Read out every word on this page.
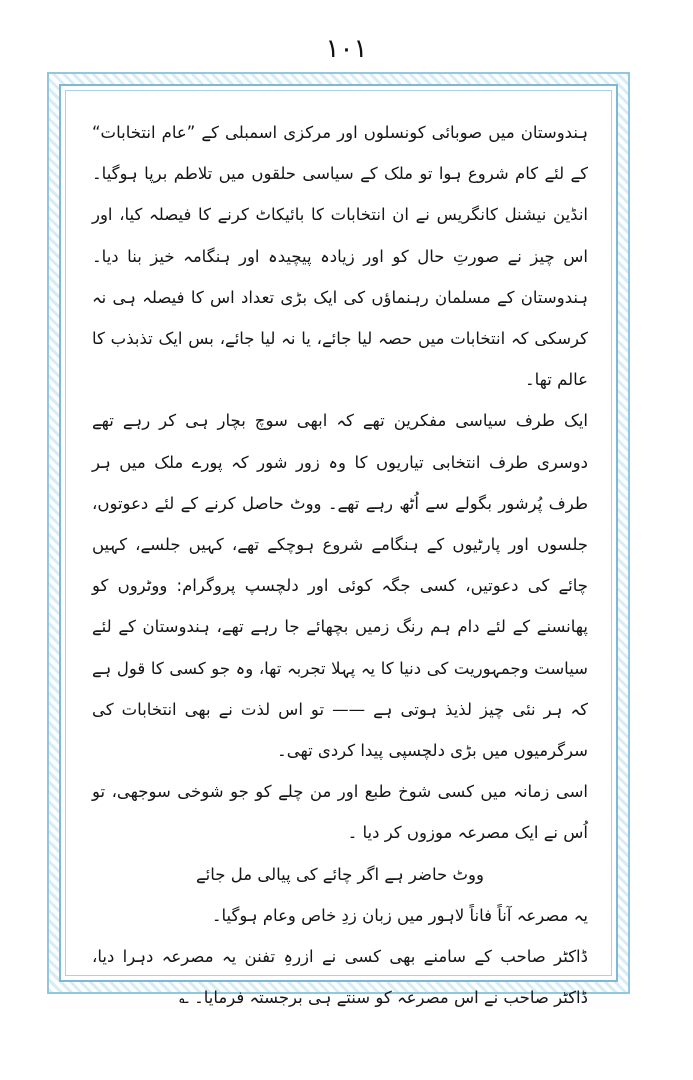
۱۰۱

ہندوستان میں صوبائی کونسلوں اور مرکزی اسمبلی کے ”عام انتخابات“ کے لئے کام شروع ہوا تو ملک کے سیاسی حلقوں میں تلاطم برپا ہوگیا۔ انڈین نیشنل کانگریس نے ان انتخابات کا بائیکاٹ کرنے کا فیصلہ کیا، اور اس چیز نے صورتِ حال کو اور زیادہ پیچیدہ اور ہنگامہ خیز بنا دیا۔ ہندوستان کے مسلمان رہنماؤں کی ایک بڑی تعداد اس کا فیصلہ ہی نہ کرسکی کہ انتخابات میں حصہ لیا جائے، یا نہ لیا جائے، بس ایک تذبذب کا عالم تھا۔

ایک طرف سیاسی مفکرین تھے کہ ابھی سوچ بچار ہی کر رہے تھے دوسری طرف انتخابی تیاریوں کا وہ زور شور کہ پورے ملک میں ہر طرف پُرشور بگولے سے اُٹھ رہے تھے۔ ووٹ حاصل کرنے کے لئے دعوتوں، جلسوں اور پارٹیوں کے ہنگامے شروع ہوچکے تھے، کہیں جلسے، کہیں چائے کی دعوتیں، کسی جگہ کوئی اور دلچسپ پروگرام: ووٹروں کو پھانسنے کے لئے دام ہم رنگ زمیں بچھائے جا رہے تھے، ہندوستان کے لئے سیاست وجمہوریت کی دنیا کا یہ پہلا تجربہ تھا، وہ جو کسی کا قول ہے کہ ہر نئی چیز لذیذ ہوتی ہے —— تو اس لذت نے بھی انتخابات کی سرگرمیوں میں بڑی دلچسپی پیدا کردی تھی۔

اسی زمانہ میں کسی شوخ طبع اور من چلے کو جو شوخی سوجھی، تو اُس نے ایک مصرعہ موزوں کر دیا ۔

ووٹ حاضر ہے اگر چائے کی پیالی مل جائے

یہ مصرعہ آناً فاناً لاہور میں زبان زدِ خاص وعام ہوگیا۔

ڈاکٹر صاحب کے سامنے بھی کسی نے ازرہِ تفنن یہ مصرعہ دہرا دیا، ڈاکٹر صاحب نے اس مصرعہ کو سنتے ہی برجستہ فرمایا۔ ؎
